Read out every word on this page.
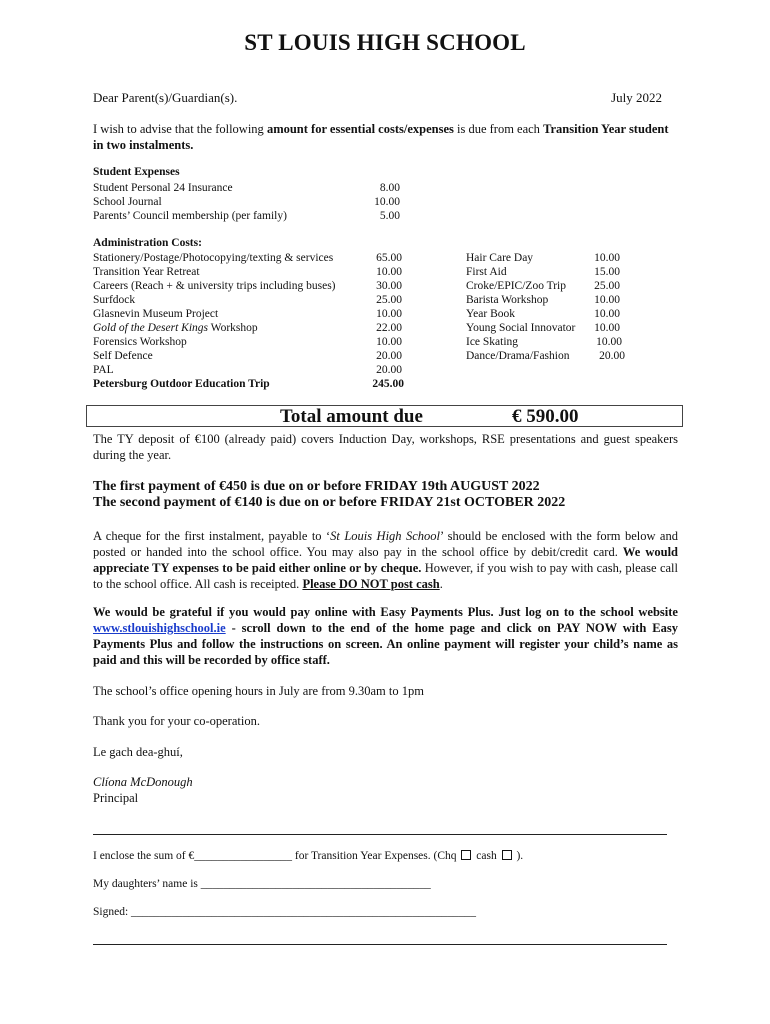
ST LOUIS HIGH SCHOOL
Dear Parent(s)/Guardian(s).	July 2022
I wish to advise that the following amount for essential costs/expenses is due from each Transition Year student in two instalments.
Student Expenses
Student Personal 24 Insurance	8.00
School Journal	10.00
Parents’ Council membership (per family)	5.00
Administration Costs:
Stationery/Postage/Photocopying/texting & services	65.00
Transition Year Retreat	10.00
Careers (Reach + & university trips including buses)	30.00
Surfdock	25.00
Glasnevin Museum Project	10.00
Gold of the Desert Kings Workshop	22.00
Forensics Workshop	10.00
Self Defence	20.00
PAL	20.00
Petersburg Outdoor Education Trip	245.00
Hair Care Day	10.00
First Aid	15.00
Croke/EPIC/Zoo Trip	25.00
Barista Workshop	10.00
Year Book	10.00
Young Social Innovator	10.00
Ice Skating	10.00
Dance/Drama/Fashion	20.00
Total amount due	€ 590.00
The TY deposit of €100 (already paid) covers Induction Day, workshops, RSE presentations and guest speakers during the year.
The first payment of €450 is due on or before FRIDAY 19th AUGUST 2022
The second payment of €140 is due on or before FRIDAY 21st OCTOBER 2022
A cheque for the first instalment, payable to ‘St Louis High School’ should be enclosed with the form below and posted or handed into the school office. You may also pay in the school office by debit/credit card. We would appreciate TY expenses to be paid either online or by cheque. However, if you wish to pay with cash, please call to the school office. All cash is receipted. Please DO NOT post cash.
We would be grateful if you would pay online with Easy Payments Plus. Just log on to the school website www.stlouishighschool.ie - scroll down to the end of the home page and click on PAY NOW with Easy Payments Plus and follow the instructions on screen. An online payment will register your child’s name as paid and this will be recorded by office staff.
The school’s office opening hours in July are from 9.30am to 1pm
Thank you for your co-operation.
Le gach dea-ghuí,
Clíona McDonough
Principal
I enclose the sum of €_________________ for Transition Year Expenses. (Chq  cash  ).
My daughters’ name is ________________________________________
Signed: ____________________________________________________________
